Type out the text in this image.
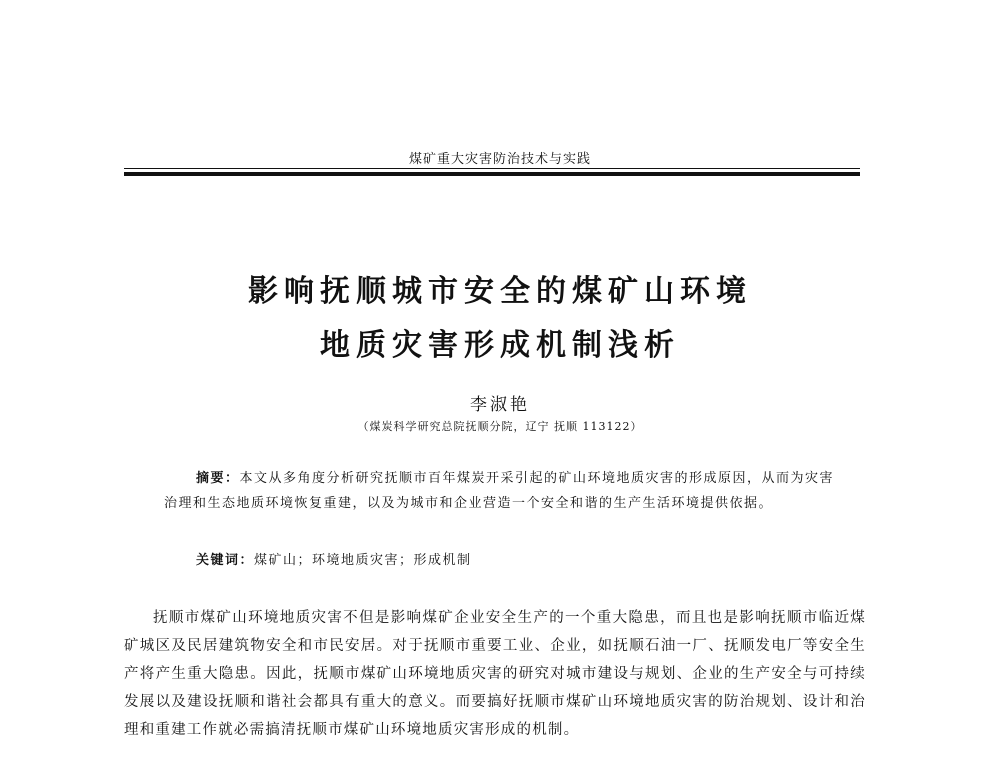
煤矿重大灾害防治技术与实践
影响抚顺城市安全的煤矿山环境
地质灾害形成机制浅析
李淑艳
（煤炭科学研究总院抚顺分院，辽宁 抚顺 113122）
摘要：本文从多角度分析研究抚顺市百年煤炭开采引起的矿山环境地质灾害的形成原因，从而为灾害治理和生态地质环境恢复重建，以及为城市和企业营造一个安全和谐的生产生活环境提供依据。
关键词：煤矿山；环境地质灾害；形成机制

抚顺市煤矿山环境地质灾害不但是影响煤矿企业安全生产的一个重大隐患，而且也是影响抚顺市临近煤矿城区及民居建筑物安全和市民安居。对于抚顺市重要工业、企业，如抚顺石油一厂、抚顺发电厂等安全生产将产生重大隐患。因此，抚顺市煤矿山环境地质灾害的研究对城市建设与规划、企业的生产安全与可持续发展以及建设抚顺和谐社会都具有重大的意义。而要搞好抚顺市煤矿山环境地质灾害的防治规划、设计和治理和重建工作就必需搞清抚顺市煤矿山环境地质灾害形成的机制。
